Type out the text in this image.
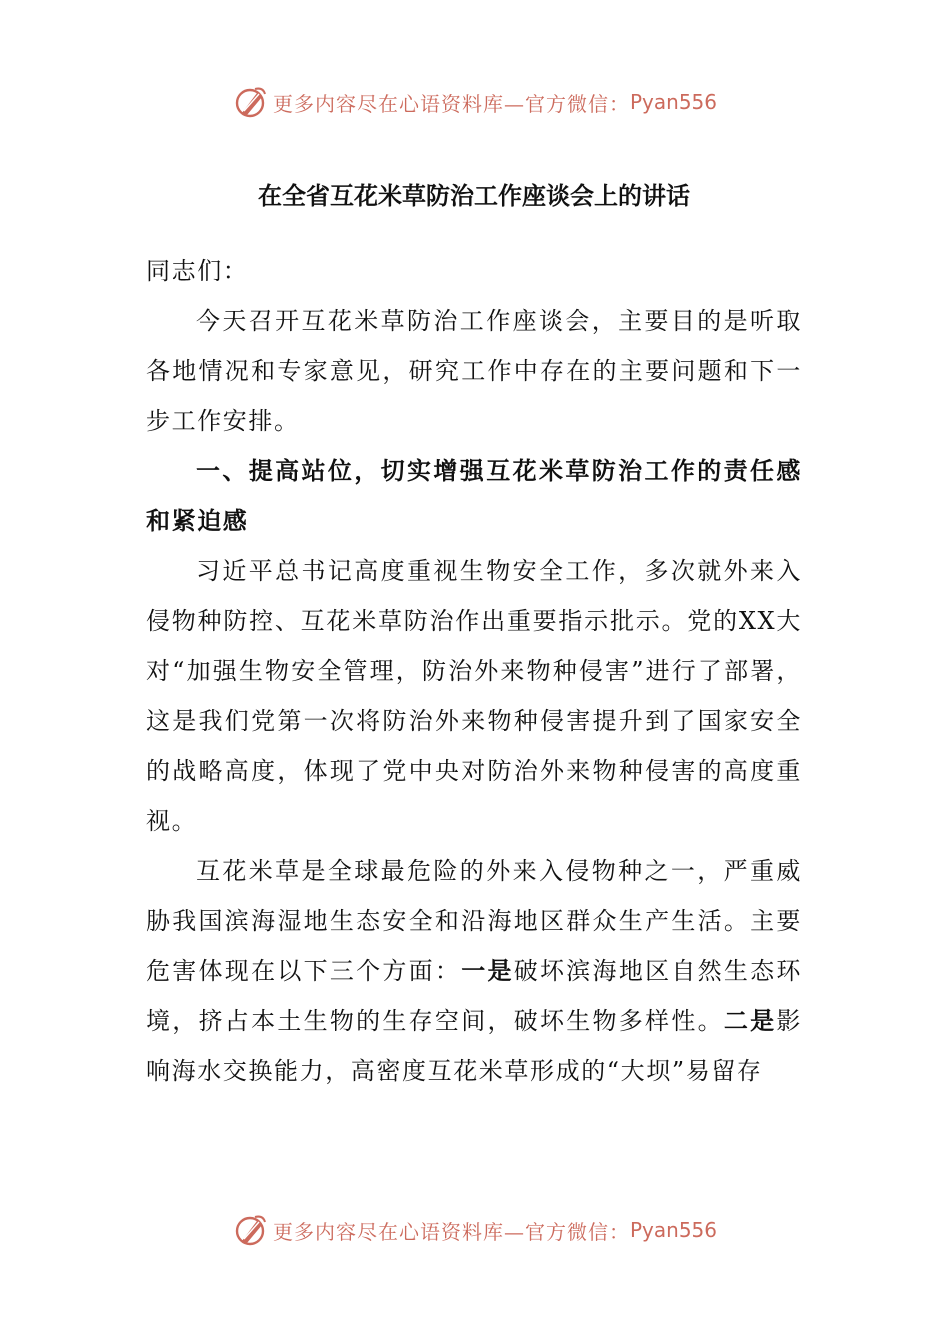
更多内容尽在心语资料库—官方微信： Pyan556
在全省互花米草防治工作座谈会上的讲话

同志们：

今天召开互花米草防治工作座谈会，主要目的是听取各地情况和专家意见，研究工作中存在的主要问题和下一步工作安排。

一、提高站位，切实增强互花米草防治工作的责任感和紧迫感

习近平总书记高度重视生物安全工作，多次就外来入侵物种防控、互花米草防治作出重要指示批示。党的XX大对“加强生物安全管理，防治外来物种侵害”进行了部署，这是我们党第一次将防治外来物种侵害提升到了国家安全的战略高度，体现了党中央对防治外来物种侵害的高度重视。

互花米草是全球最危险的外来入侵物种之一，严重威胁我国滨海湿地生态安全和沿海地区群众生产生活。主要危害体现在以下三个方面：一是破坏滨海地区自然生态环境，挤占本土生物的生存空间，破坏生物多样性。二是影响海水交换能力，高密度互花米草形成的“大坝”易留存

更多内容尽在心语资料库—官方微信： Pyan556
